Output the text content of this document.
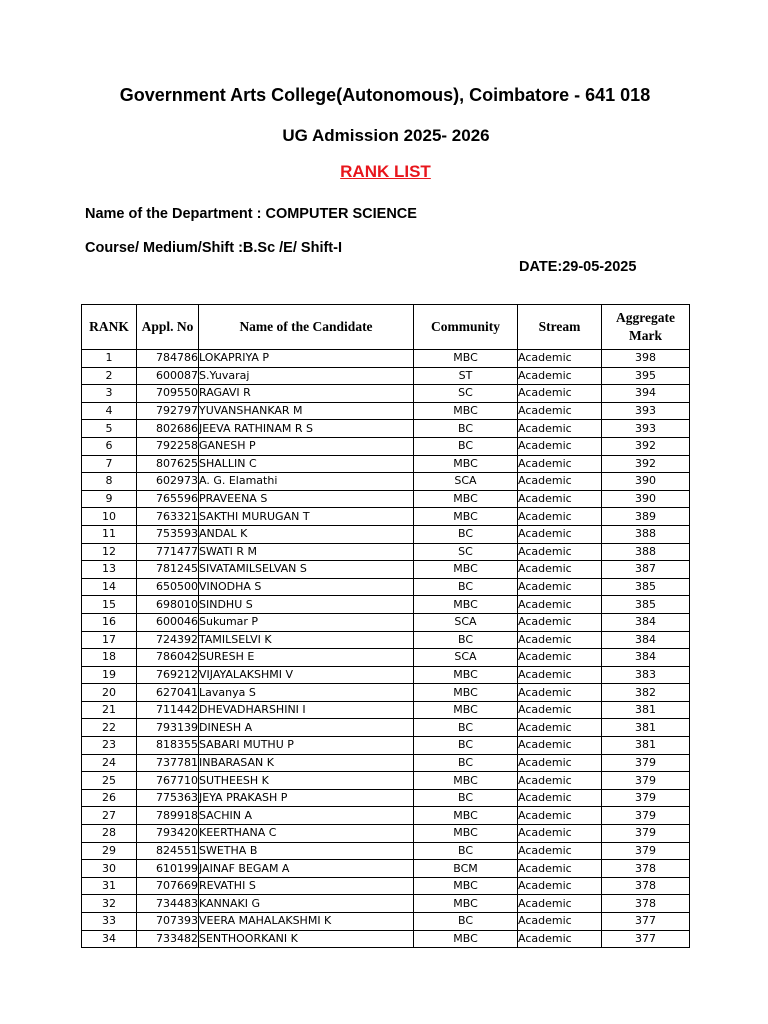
Government Arts College(Autonomous), Coimbatore - 641 018
UG Admission 2025- 2026
RANK LIST
Name of the Department : COMPUTER SCIENCE
Course/ Medium/Shift :B.Sc /E/ Shift-I
DATE:29-05-2025
RANK	Appl. No	Name of the Candidate	Community	Stream	Aggregate Mark
1	784786	LOKAPRIYA P	MBC	Academic	398
2	600087	S.Yuvaraj	ST	Academic	395
3	709550	RAGAVI R	SC	Academic	394
4	792797	YUVANSHANKAR M	MBC	Academic	393
5	802686	JEEVA RATHINAM R S	BC	Academic	393
6	792258	GANESH P	BC	Academic	392
7	807625	SHALLIN C	MBC	Academic	392
8	602973	A. G. Elamathi	SCA	Academic	390
9	765596	PRAVEENA S	MBC	Academic	390
10	763321	SAKTHI MURUGAN T	MBC	Academic	389
11	753593	ANDAL K	BC	Academic	388
12	771477	SWATI R M	SC	Academic	388
13	781245	SIVATAMILSELVAN S	MBC	Academic	387
14	650500	VINODHA S	BC	Academic	385
15	698010	SINDHU S	MBC	Academic	385
16	600046	Sukumar P	SCA	Academic	384
17	724392	TAMILSELVI K	BC	Academic	384
18	786042	SURESH E	SCA	Academic	384
19	769212	VIJAYALAKSHMI V	MBC	Academic	383
20	627041	Lavanya S	MBC	Academic	382
21	711442	DHEVADHARSHINI I	MBC	Academic	381
22	793139	DINESH A	BC	Academic	381
23	818355	SABARI MUTHU P	BC	Academic	381
24	737781	INBARASAN K	BC	Academic	379
25	767710	SUTHEESH K	MBC	Academic	379
26	775363	JEYA PRAKASH P	BC	Academic	379
27	789918	SACHIN A	MBC	Academic	379
28	793420	KEERTHANA C	MBC	Academic	379
29	824551	SWETHA B	BC	Academic	379
30	610199	JAINAF BEGAM A	BCM	Academic	378
31	707669	REVATHI S	MBC	Academic	378
32	734483	KANNAKI G	MBC	Academic	378
33	707393	VEERA MAHALAKSHMI K	BC	Academic	377
34	733482	SENTHOORKANI K	MBC	Academic	377
